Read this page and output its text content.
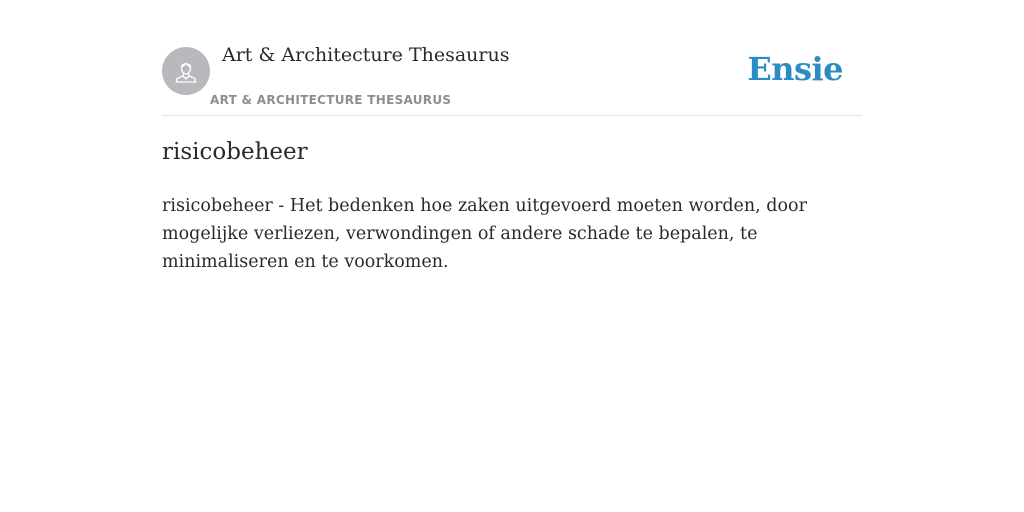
Art & Architecture Thesaurus
ART & ARCHITECTURE THESAURUS
Ensie
risicobeheer

risicobeheer - Het bedenken hoe zaken uitgevoerd moeten worden, door mogelijke verliezen, verwondingen of andere schade te bepalen, te minimaliseren en te voorkomen.
